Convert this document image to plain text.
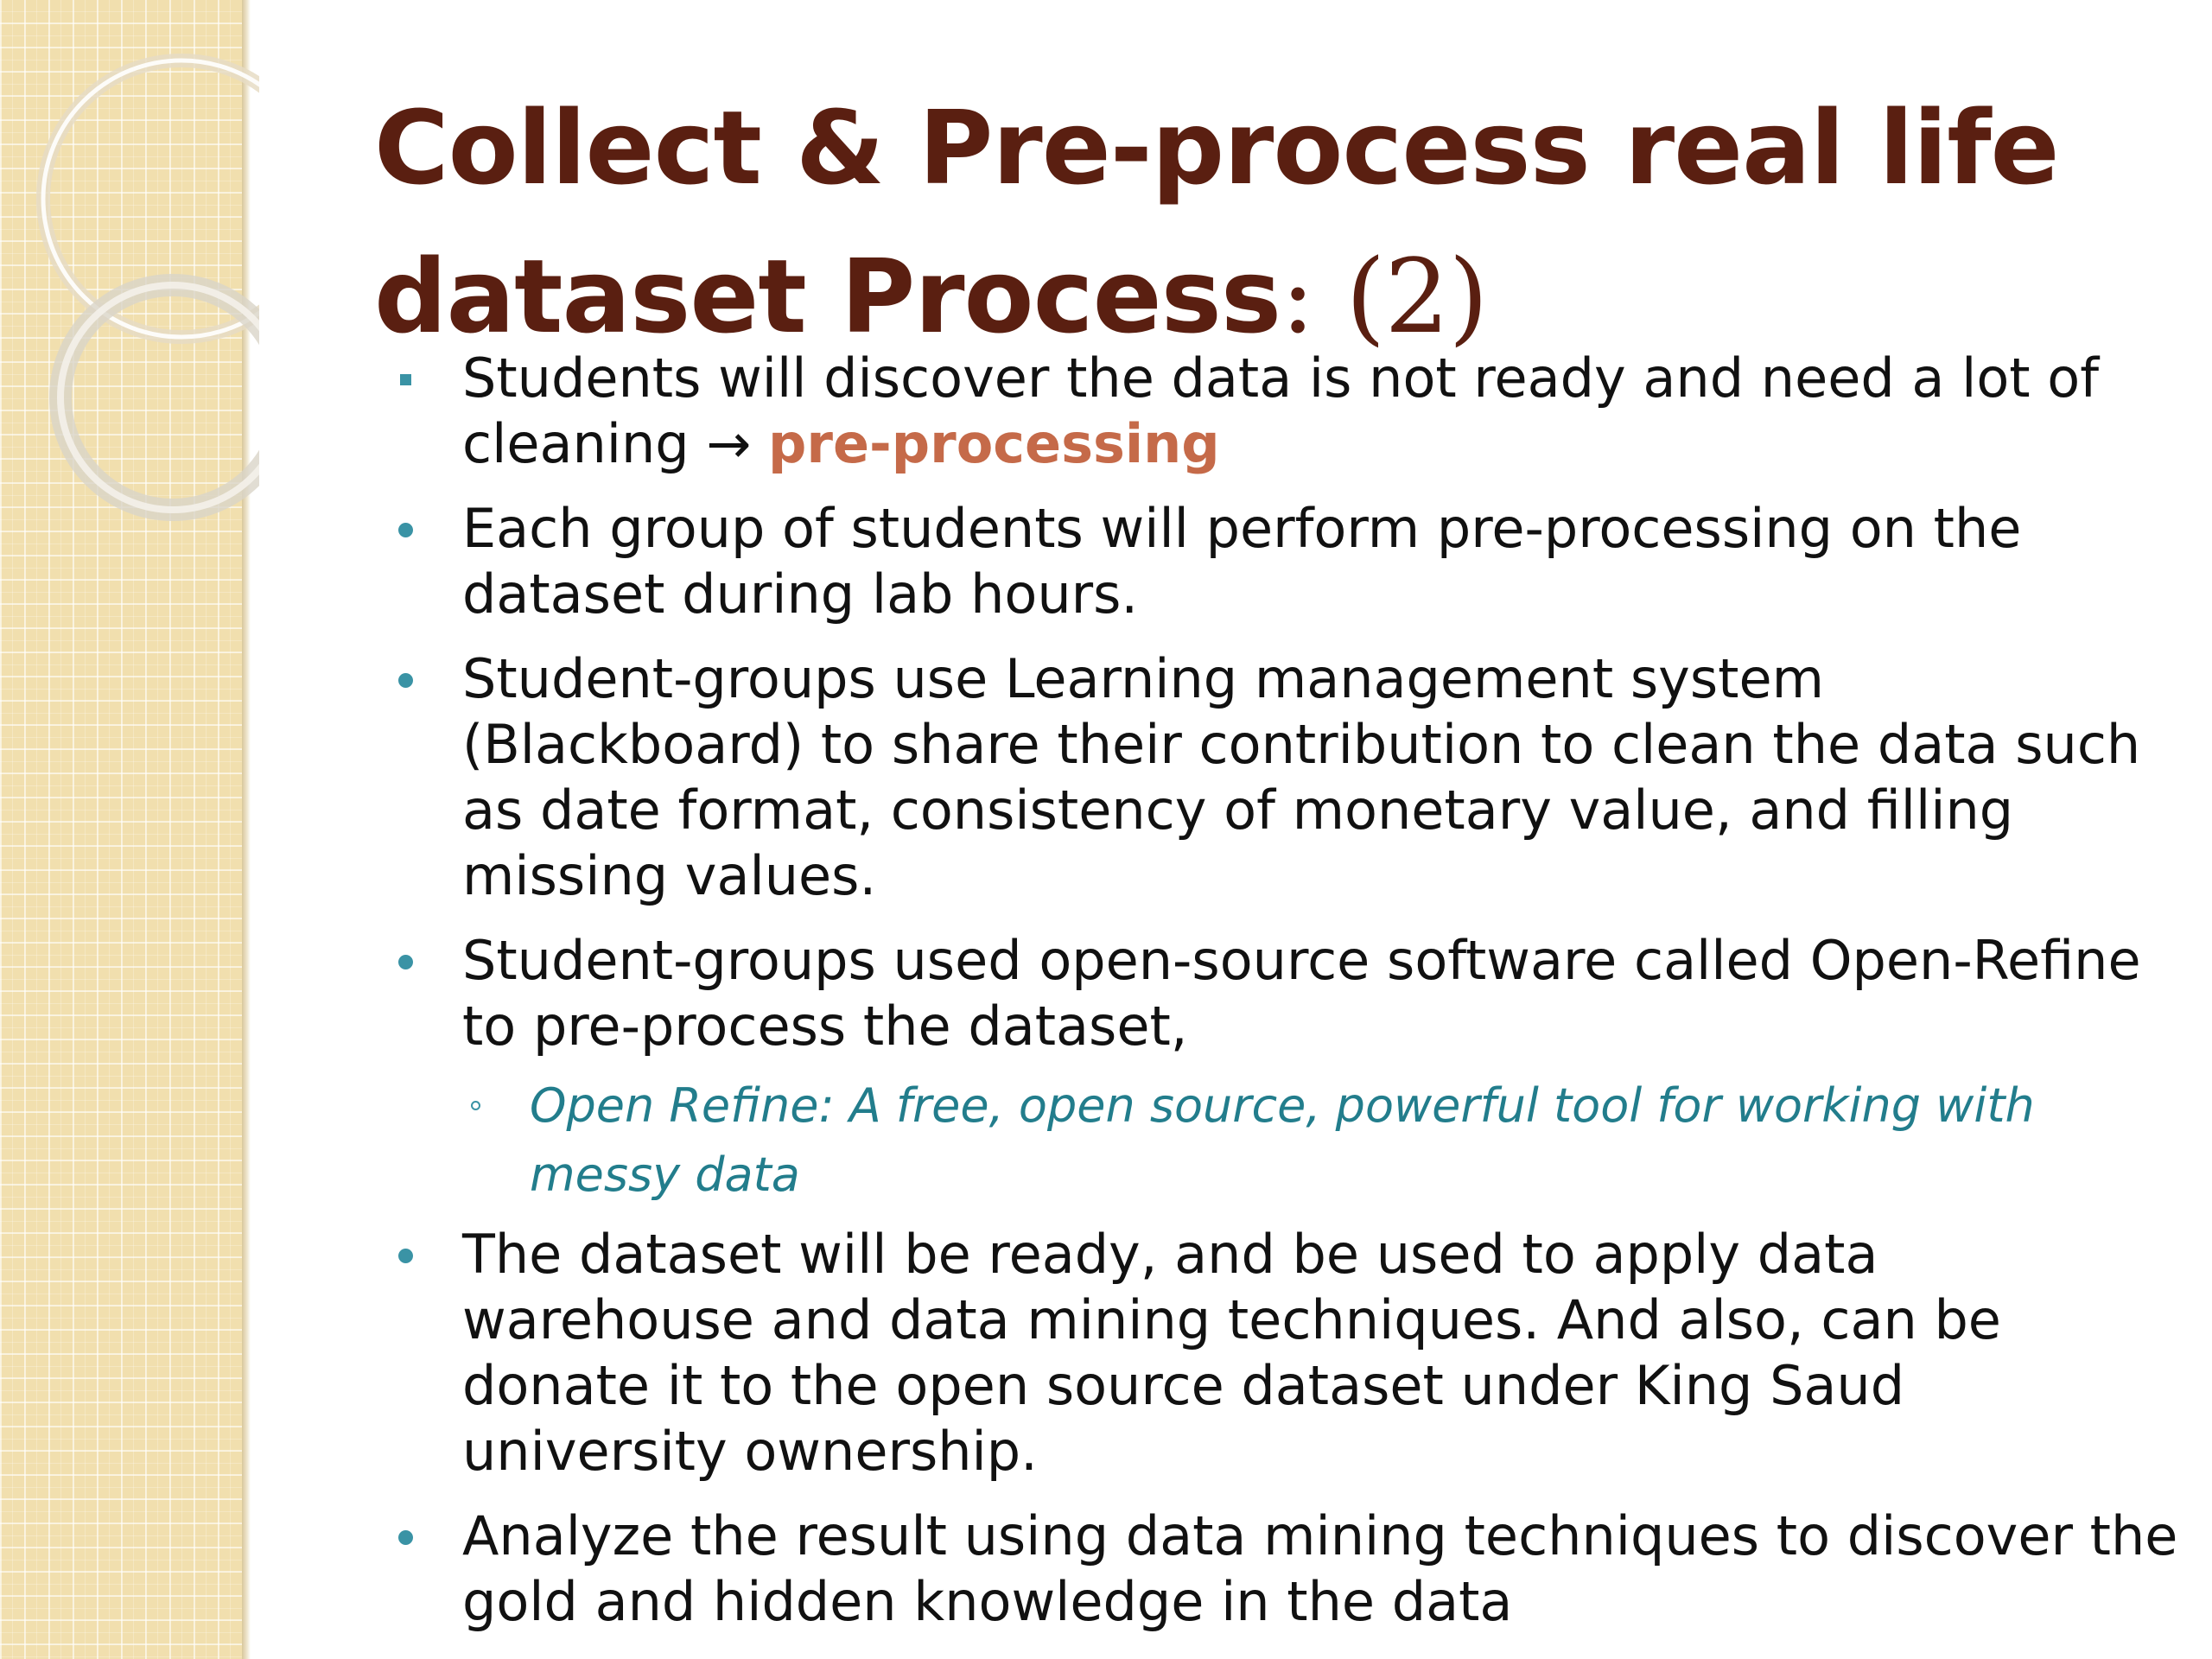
Collect & Pre-process real life dataset Process: (2)
Students will discover the data is not ready and need a lot of cleaning → pre-processing
Each group of students will perform pre-processing on the dataset during lab hours.
Student-groups use Learning management system (Blackboard) to share their contribution to clean the data such as date format, consistency of monetary value, and filling missing values.
Student-groups used open-source software called Open-Refine to pre-process the dataset,
Open Refine: A free, open source, powerful tool for working with messy data
The dataset will be ready, and be used to apply data warehouse and data mining techniques. And also, can be donate it to the open source dataset under King Saud university ownership.
Analyze the result using data mining techniques to discover the gold and hidden knowledge in the data
